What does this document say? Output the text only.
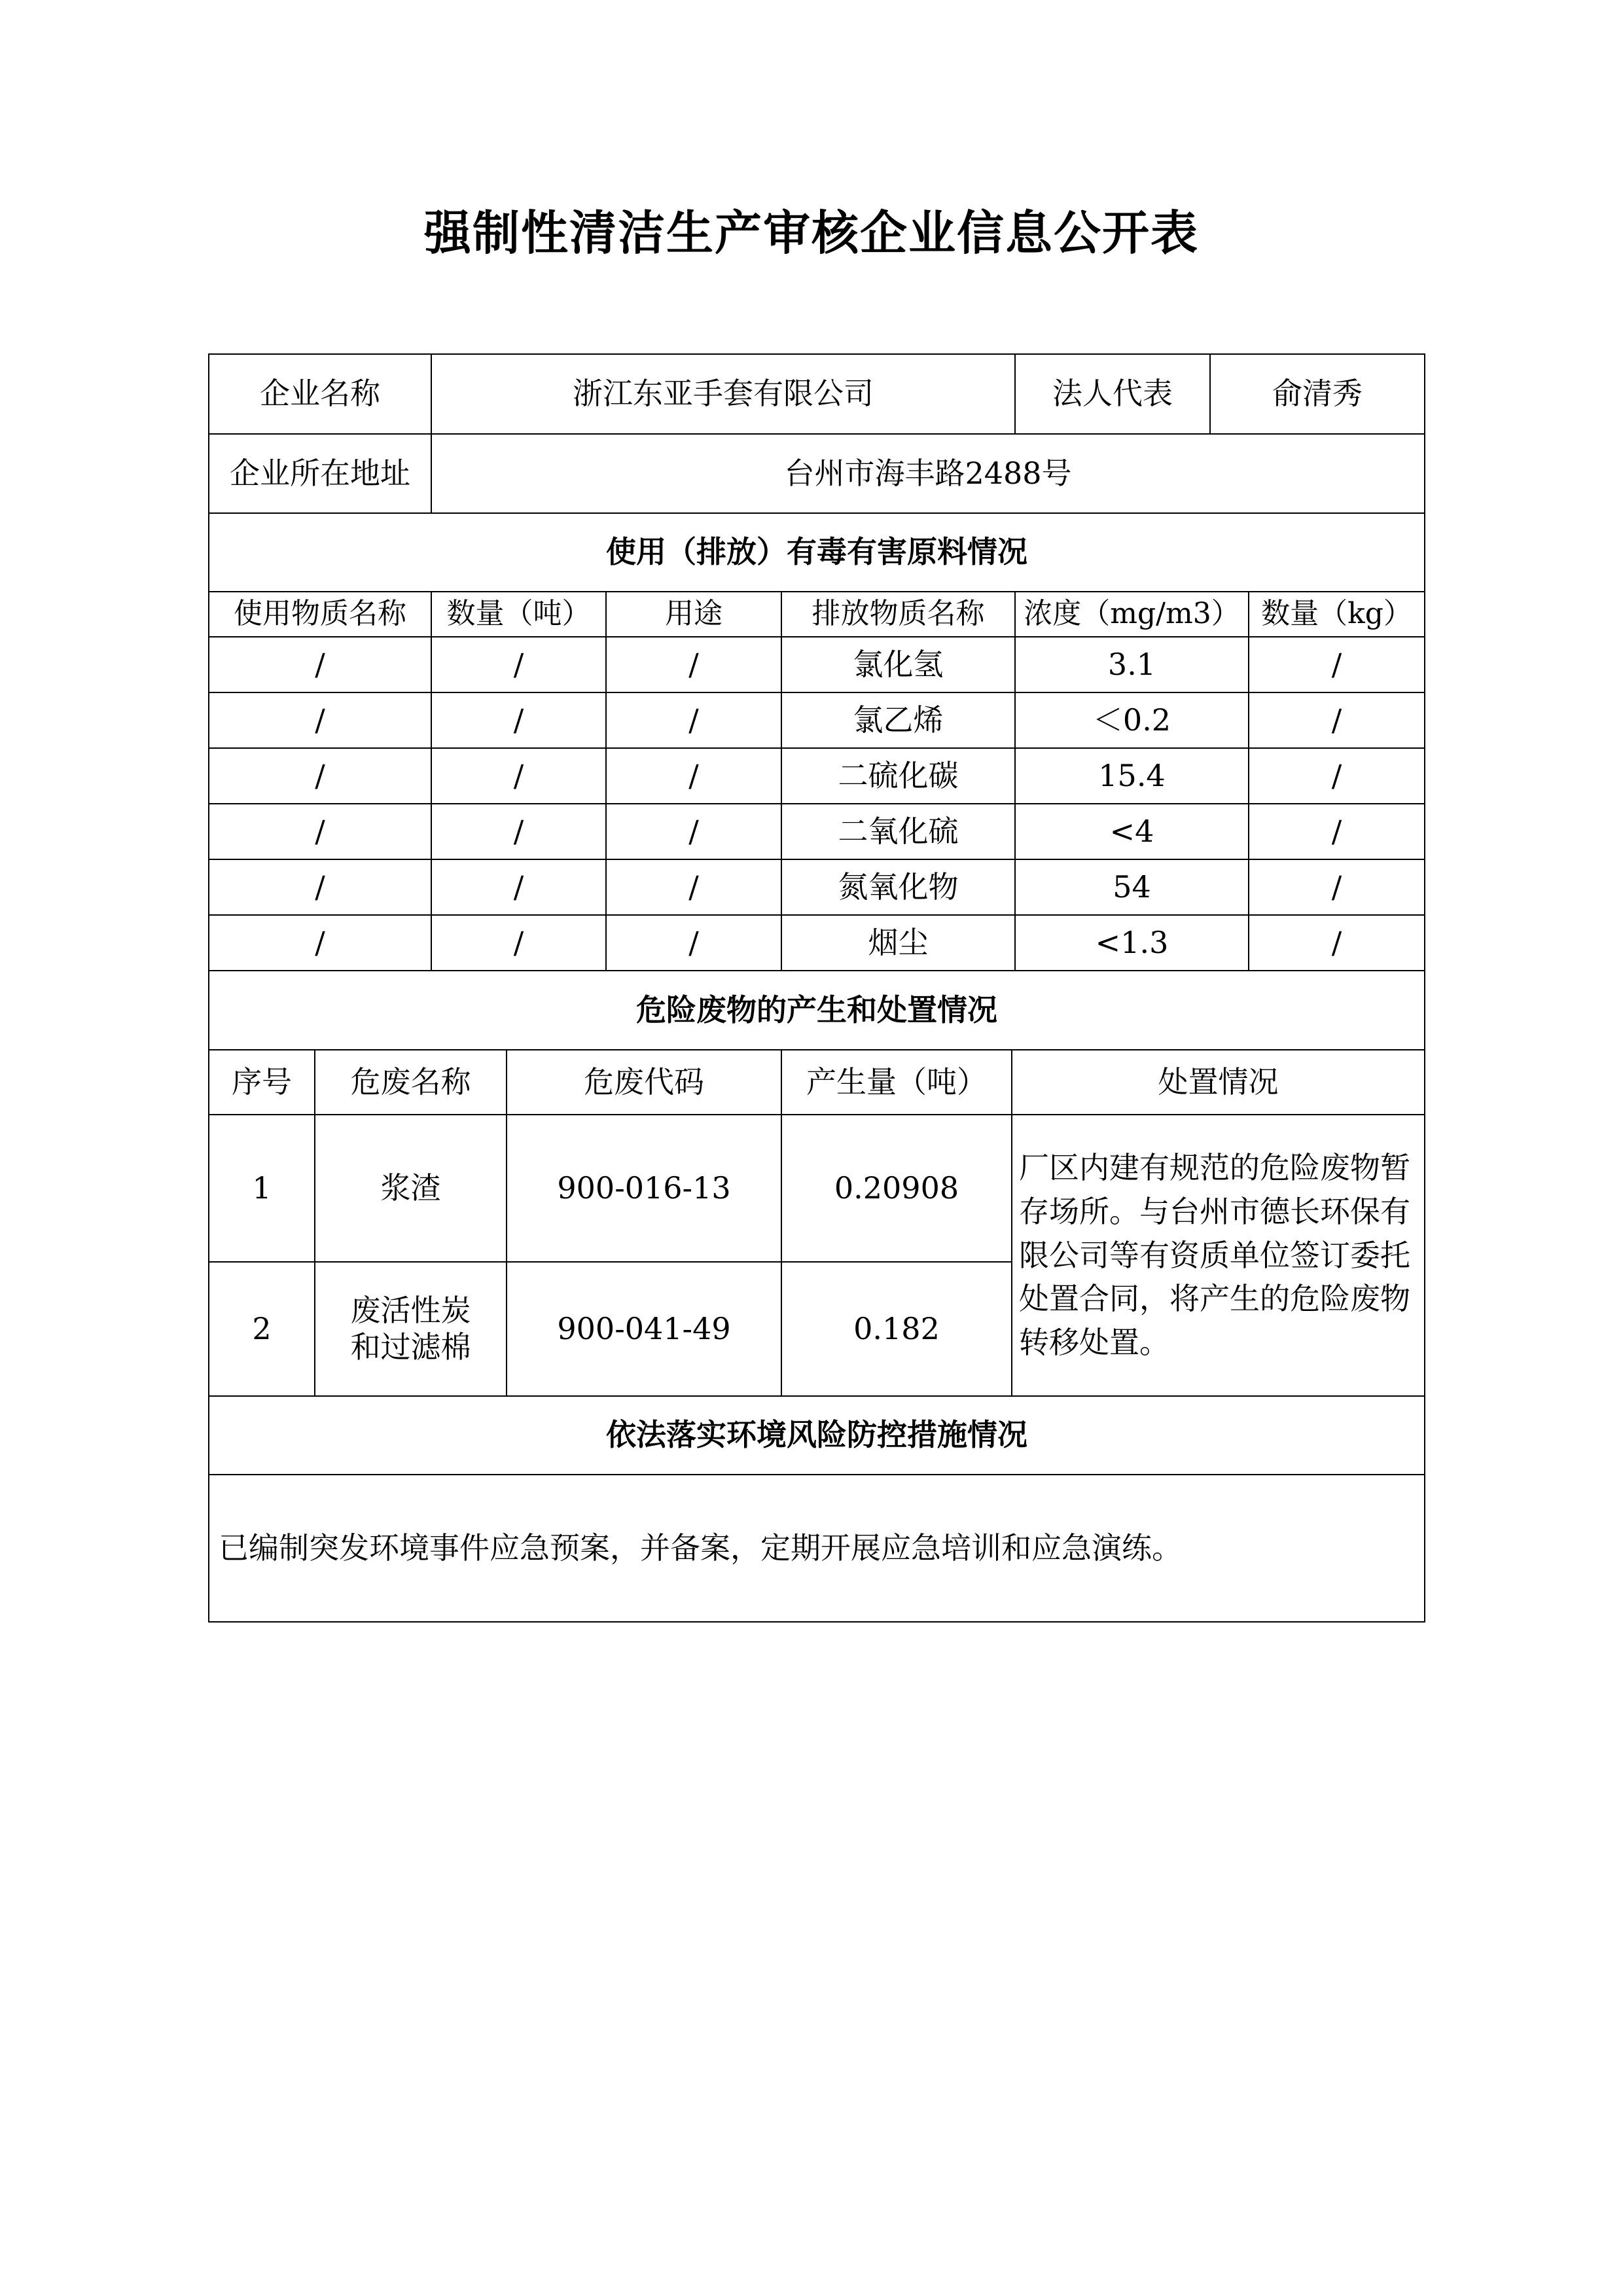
强制性清洁生产审核企业信息公开表
企业名称	浙江东亚手套有限公司	法人代表	俞清秀
企业所在地址	台州市海丰路2488号		
使用（排放）有毒有害原料情况			
使用物质名称	数量（吨）	用途	排放物质名称	浓度（mg/m3）	数量（kg）
/	/	/	氯化氢	3.1	/
/	/	/	氯乙烯	＜0.2	/
/	/	/	二硫化碳	15.4	/
/	/	/	二氧化硫	<4	/
/	/	/	氮氧化物	54	/
/	/	/	烟尘	<1.3	/
危险废物的产生和处置情况					
序号	危废名称	危废代码	产生量（吨）	处置情况
1	浆渣	900-016-13	0.20908	厂区内建有规范的危险废物暂存场所。与台州市德长环保有限公司等有资质单位签订委托处置合同，将产生的危险废物转移处置。
2	废活性炭和过滤棉	900-041-49	0.182	
依法落实环境风险防控措施情况				
已编制突发环境事件应急预案，并备案，定期开展应急培训和应急演练。				
